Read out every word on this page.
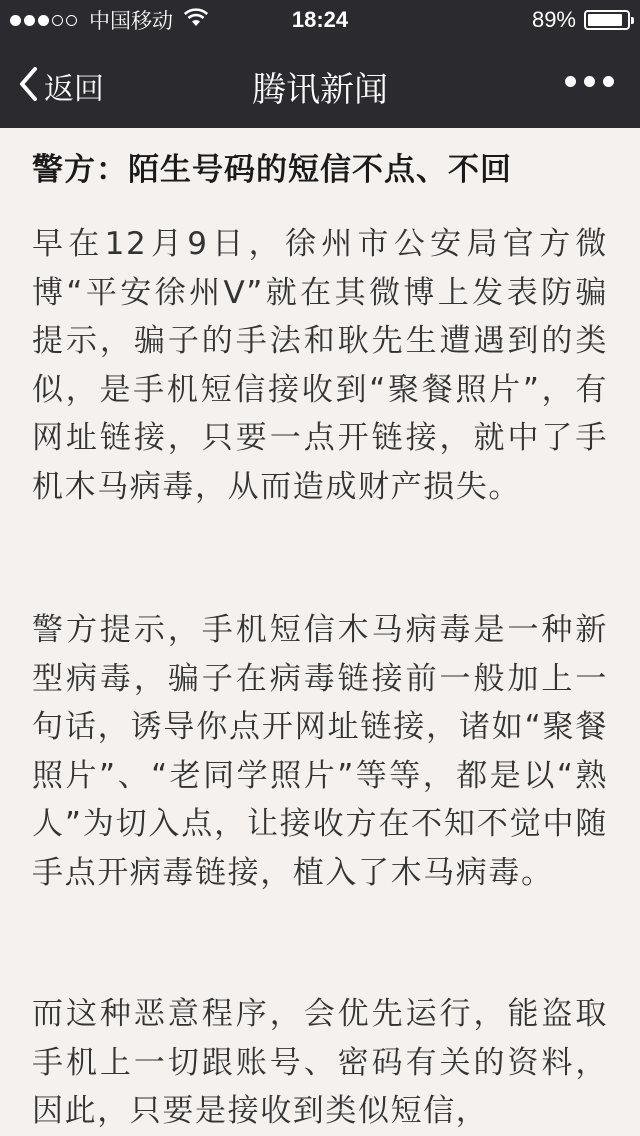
中国移动	18:24	89%
返回	腾讯新闻
警方：陌生号码的短信不点、不回

早在12月9日，徐州市公安局官方微博“平安徐州V”就在其微博上发表防骗提示，骗子的手法和耿先生遭遇到的类似，是手机短信接收到“聚餐照片”，有网址链接，只要一点开链接，就中了手机木马病毒，从而造成财产损失。

警方提示，手机短信木马病毒是一种新型病毒，骗子在病毒链接前一般加上一句话，诱导你点开网址链接，诸如“聚餐照片”、“老同学照片”等等，都是以“熟人”为切入点，让接收方在不知不觉中随手点开病毒链接，植入了木马病毒。

而这种恶意程序，会优先运行，能盗取手机上一切跟账号、密码有关的资料，因此，只要是接收到类似短信，
